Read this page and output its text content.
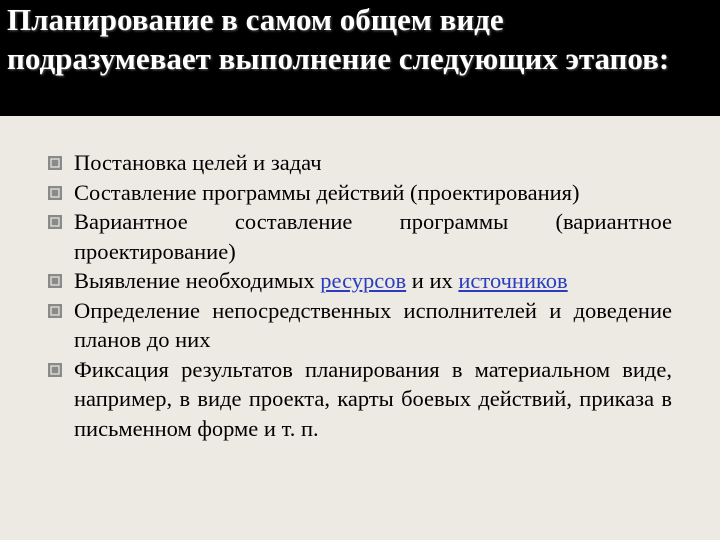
Планирование в самом общем виде подразумевает выполнение следующих этапов:
Постановка целей и задач
Составление программы действий (проектирования)
Вариантное составление программы (вариантное проектирование)
Выявление необходимых ресурсов и их источников
Определение непосредственных исполнителей и доведение планов до них
Фиксация результатов планирования в материальном виде, например, в виде проекта, карты боевых действий, приказа в письменном форме и т. п.
